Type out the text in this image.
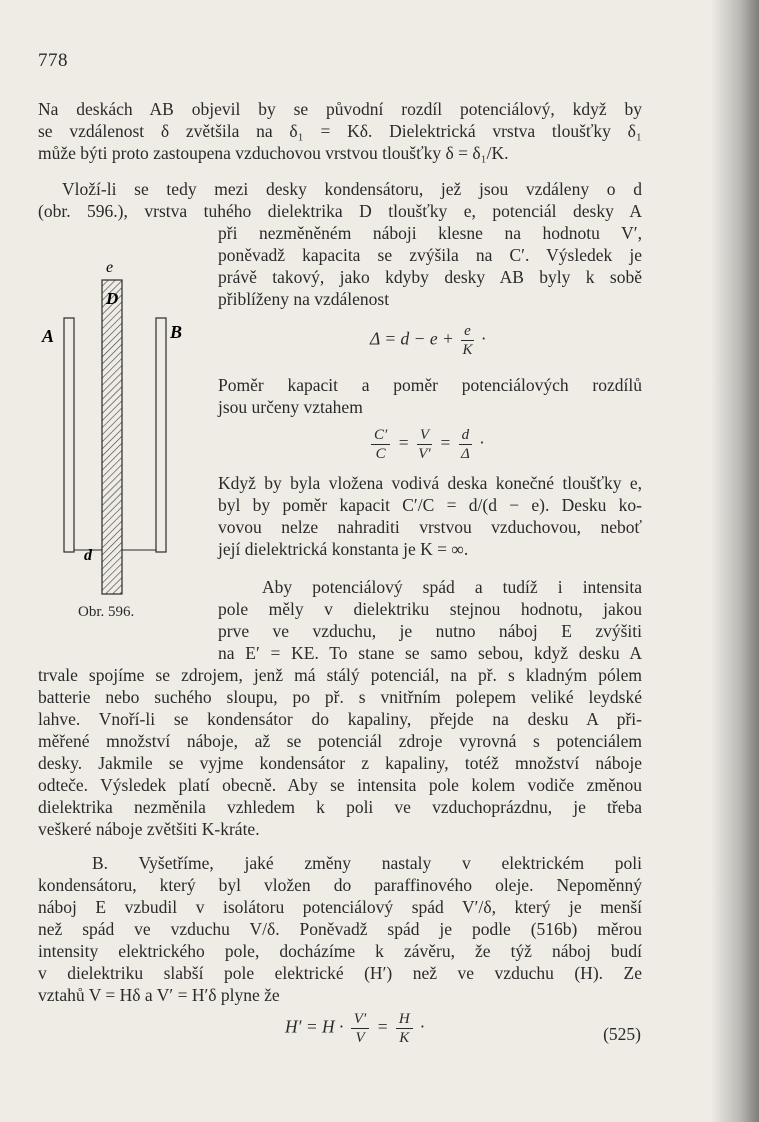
778
Na deskách AB objevil by se původní rozdíl potenciálový, když by
se vzdálenost δ zvětšila na δ₁ = Kδ. Dielektrická vrstva tloušťky δ₁
může býti proto zastoupena vzduchovou vrstvou tloušťky δ = δ₁/K.
Vloží-li se tedy mezi desky kondensátoru, jež jsou vzdáleny o d
(obr. 596.), vrstva tuhého dielektrika D tloušťky e, potenciál desky A
při nezměněném náboji klesne na hodnotu V′,
poněvadž kapacita se zvýšila na C′. Výsledek je
právě takový, jako kdyby desky AB byly k sobě
přiblíženy na vzdálenost
$\Delta = d - e + \frac{e}{K}$ ·
Poměr kapacit a poměr potenciálových rozdílů
jsou určeny vztahem
$\frac{C'}{C} = \frac{V}{V'} = \frac{d}{\Delta}$ ·
Když by byla vložena vodivá deska konečné tloušťky e,
byl by poměr kapacit C′/C = d/(d − e). Desku ko-
vovou nelze nahraditi vrstvou vzduchovou, neboť
její dielektrická konstanta je K = ∞.
Aby potenciálový spád a tudíž i intensita
pole měly v dielektriku stejnou hodnotu, jakou
prve ve vzduchu, je nutno náboj E zvýšiti
na E′ = KE. To stane se samo sebou, když desku A
trvale spojíme se zdrojem, jenž má stálý potenciál, na př. s kladným pólem
batterie nebo suchého sloupu, po př. s vnitřním polepem veliké leydské
lahve. Vnoří-li se kondensátor do kapaliny, přejde na desku A při-
měřené množství náboje, až se potenciál zdroje vyrovná s potenciálem
desky. Jakmile se vyjme kondensátor z kapaliny, totéž množství náboje
odteče. Výsledek platí obecně. Aby se intensita pole kolem vodiče změnou
dielektrika nezměnila vzhledem k poli ve vzduchoprázdnu, je třeba
veškeré náboje zvětšiti K-kráte.
B. Vyšetříme, jaké změny nastaly v elektrickém poli
kondensátoru, který byl vložen do paraffinového oleje. Nepoměnný
náboj E vzbudil v isolátoru potenciálový spád V′/δ, který je menší
než spád ve vzduchu V/δ. Poněvadž spád je podle (516b) měrou
intensity elektrického pole, docházíme k závěru, že týž náboj budí
v dielektriku slabší pole elektrické (H′) než ve vzduchu (H). Ze
vztahů V = Hδ a V′ = H′δ plyne že
$H' = H \cdot \frac{V'}{V} = \frac{H}{K}$ ·	(525)
e
D
A	B
d
Obr. 596.
